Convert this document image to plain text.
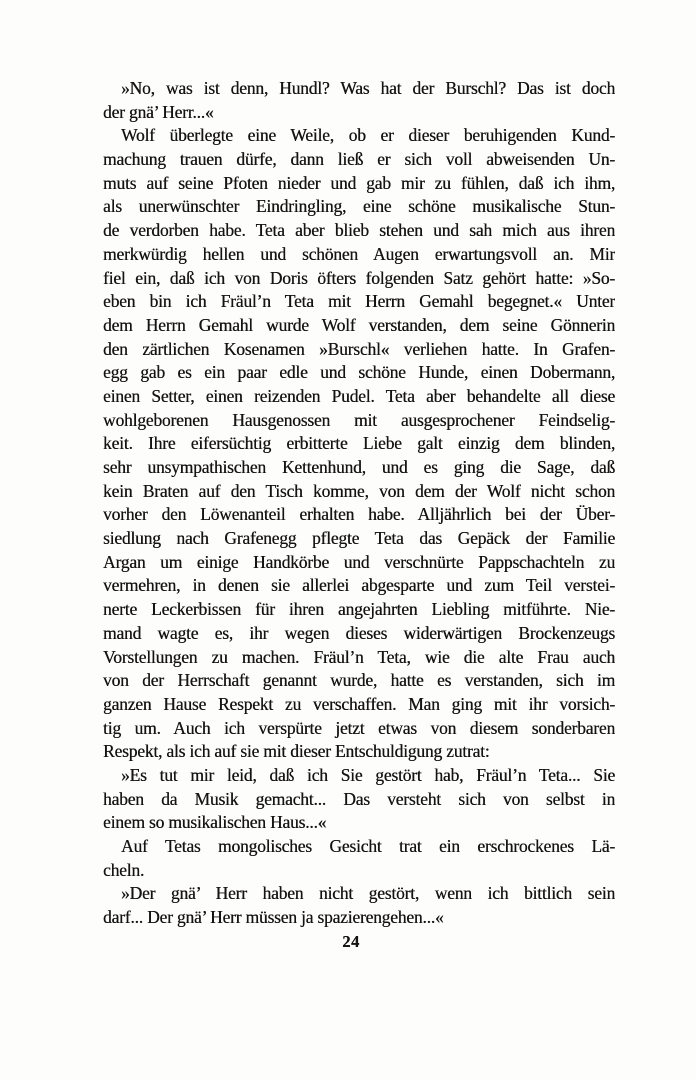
»No, was ist denn, Hundl? Was hat der Burschl? Das ist doch
der gnä’ Herr...«
Wolf überlegte eine Weile, ob er dieser beruhigenden Kund-
machung trauen dürfe, dann ließ er sich voll abweisenden Un-
muts auf seine Pfoten nieder und gab mir zu fühlen, daß ich ihm,
als unerwünschter Eindringling, eine schöne musikalische Stun-
de verdorben habe. Teta aber blieb stehen und sah mich aus ihren
merkwürdig hellen und schönen Augen erwartungsvoll an. Mir
fiel ein, daß ich von Doris öfters folgenden Satz gehört hatte: »So-
eben bin ich Fräul’n Teta mit Herrn Gemahl begegnet.« Unter
dem Herrn Gemahl wurde Wolf verstanden, dem seine Gönnerin
den zärtlichen Kosenamen »Burschl« verliehen hatte. In Grafen-
egg gab es ein paar edle und schöne Hunde, einen Dobermann,
einen Setter, einen reizenden Pudel. Teta aber behandelte all diese
wohlgeborenen Hausgenossen mit ausgesprochener Feindselig-
keit. Ihre eifersüchtig erbitterte Liebe galt einzig dem blinden,
sehr unsympathischen Kettenhund, und es ging die Sage, daß
kein Braten auf den Tisch komme, von dem der Wolf nicht schon
vorher den Löwenanteil erhalten habe. Alljährlich bei der Über-
siedlung nach Grafenegg pflegte Teta das Gepäck der Familie
Argan um einige Handkörbe und verschnürte Pappschachteln zu
vermehren, in denen sie allerlei abgesparte und zum Teil verstei-
nerte Leckerbissen für ihren angejahrten Liebling mitführte. Nie-
mand wagte es, ihr wegen dieses widerwärtigen Brockenzeugs
Vorstellungen zu machen. Fräul’n Teta, wie die alte Frau auch
von der Herrschaft genannt wurde, hatte es verstanden, sich im
ganzen Hause Respekt zu verschaffen. Man ging mit ihr vorsich-
tig um. Auch ich verspürte jetzt etwas von diesem sonderbaren
Respekt, als ich auf sie mit dieser Entschuldigung zutrat:
»Es tut mir leid, daß ich Sie gestört hab, Fräul’n Teta... Sie
haben da Musik gemacht... Das versteht sich von selbst in
einem so musikalischen Haus...«
Auf Tetas mongolisches Gesicht trat ein erschrockenes Lä-
cheln.
»Der gnä’ Herr haben nicht gestört, wenn ich bittlich sein
darf... Der gnä’ Herr müssen ja spazierengehen...«
24
